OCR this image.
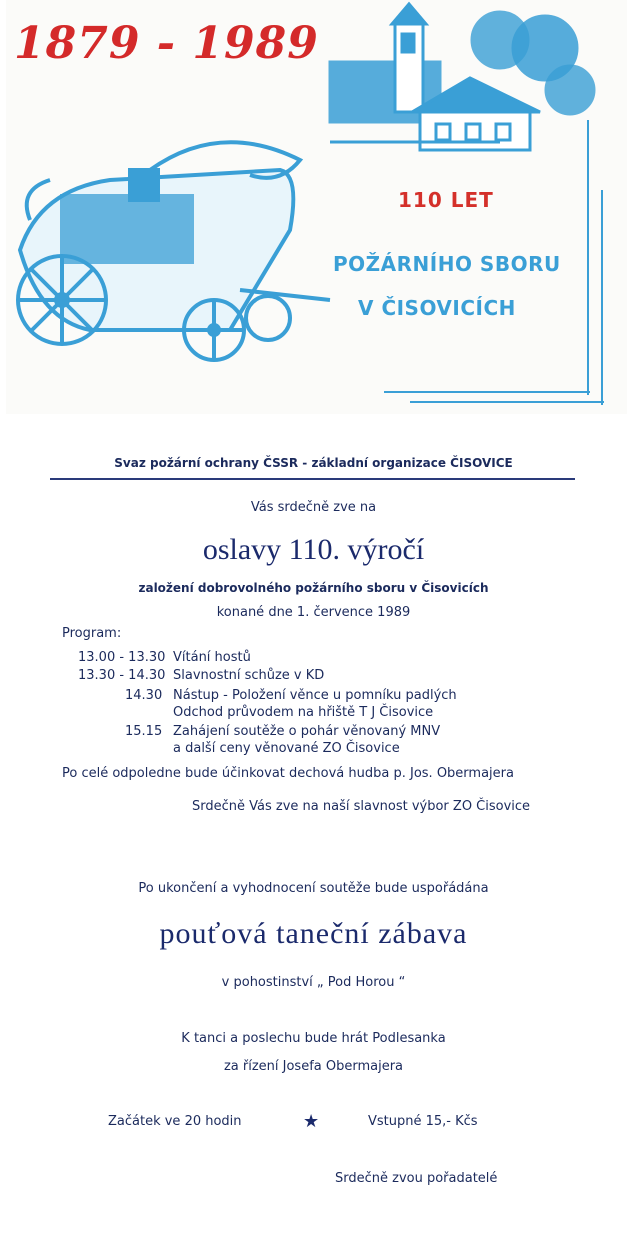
1879 - 1989
110 LET
POŽÁRNÍHO SBORU
V ČISOVICÍCH
Svaz požární ochrany ČSSR - základní organizace ČISOVICE
Vás srdečně zve na
oslavy 110. výročí
založení dobrovolného požárního sboru v Čisovicích
konané dne 1. července 1989
Program:
13.00 - 13.30 Vítání hostů
13.30 - 14.30 Slavnostní schůze v KD
14.30 Nástup - Položení věnce u pomníku padlých
Odchod průvodem na hřiště T J Čisovice
15.15 Zahájení soutěže o pohár věnovaný MNV
a další ceny věnované ZO Čisovice
Po celé odpoledne bude účinkovat dechová hudba p. Jos. Obermajera
Srdečně Vás zve na naší slavnost výbor ZO Čisovice
Po ukončení a vyhodnocení soutěže bude uspořádána
pouťová taneční zábava
v pohostinství „ Pod Horou “
K tanci a poslechu bude hrát Podlesanka
za řízení Josefa Obermajera
Začátek ve 20 hodin	★	Vstupné 15,- Kčs
Srdečně zvou pořadatelé
